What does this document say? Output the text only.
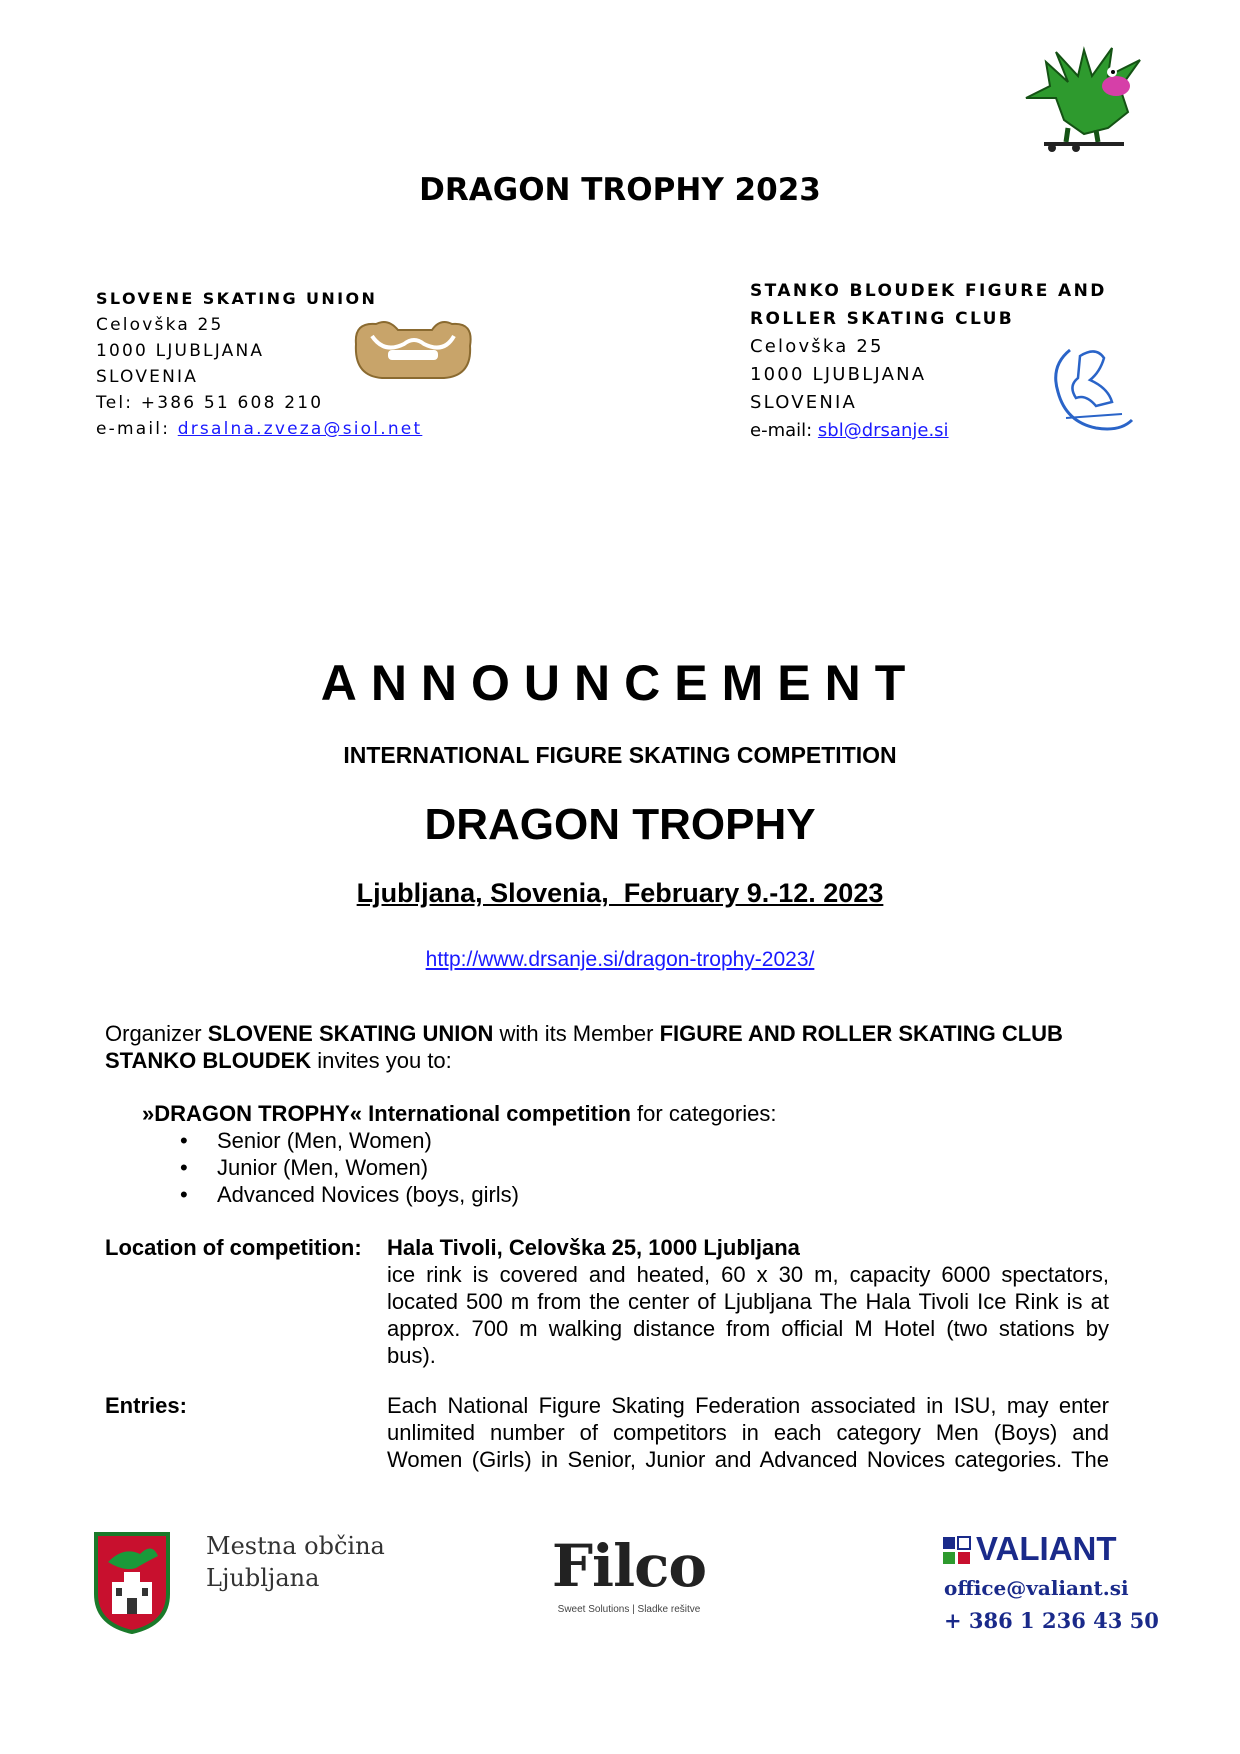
DRAGON TROPHY 2023
SLOVENE SKATING UNION
Celovška 25
1000 LJUBLJANA
SLOVENIA
Tel: +386 51 608 210
e-mail: drsalna.zveza@siol.net
STANKO BLOUDEK FIGURE AND
ROLLER SKATING CLUB
Celovška 25
1000 LJUBLJANA
SLOVENIA
e-mail: sbl@drsanje.si
ANNOUNCEMENT
INTERNATIONAL FIGURE SKATING COMPETITION
DRAGON TROPHY
Ljubljana, Slovenia,  February 9.-12. 2023
http://www.drsanje.si/dragon-trophy-2023/
Organizer SLOVENE SKATING UNION with its Member FIGURE AND ROLLER SKATING CLUB STANKO BLOUDEK invites you to:
»DRAGON TROPHY« International competition for categories:
• Senior (Men, Women)
• Junior (Men, Women)
• Advanced Novices (boys, girls)
Location of competition: Hala Tivoli, Celovška 25, 1000 Ljubljana
ice rink is covered and heated, 60 x 30 m, capacity 6000 spectators, located 500 m from the center of Ljubljana The Hala Tivoli Ice Rink is at approx. 700 m walking distance from official M Hotel (two stations by bus).
Entries:	Each National Figure Skating Federation associated in ISU, may enter unlimited number of competitors in each category Men (Boys) and Women (Girls) in Senior, Junior and Advanced Novices categories. The
Mestna občina
Ljubljana	Filco
Sweet Solutions | Sladke rešitve
VALIANT
office@valiant.si
+ 386 1 236 43 50
